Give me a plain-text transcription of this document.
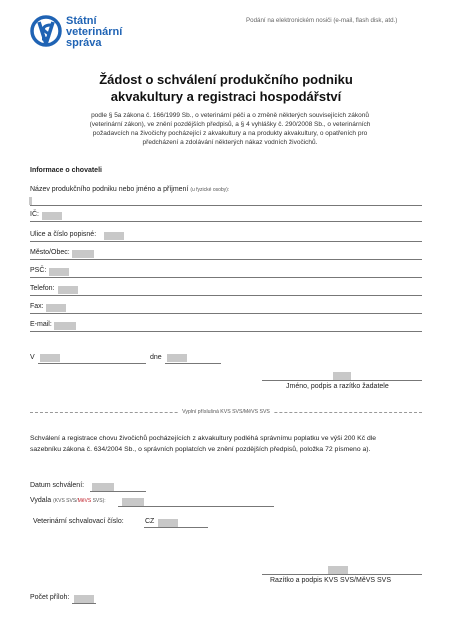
Státní
veterinární
správa
Podání na elektronickém nosiči (e-mail, flash disk, atd.)
Žádost o schválení produkčního podniku
akvakultury a registraci hospodářství
podle § 5a zákona č. 166/1999 Sb., o veterinární péči a o změně některých souvisejících zákonů
(veterinární zákon), ve znění pozdějších předpisů, a § 4 vyhlášky č. 290/2008 Sb., o veterinárních
požadavcích na živočichy pocházející z akvakultury a na produkty akvakultury, o opatřeních pro
předcházení a zdolávání některých nákaz vodních živočichů.
Informace o chovateli
Název produkčního podniku nebo jméno a příjmení (u fyzické osoby):
IČ:
Ulice a číslo popisné:
Město/Obec:
PSČ:
Telefon:
Fax:
E-mail:
V	dne
Jméno, podpis a razítko žadatele
Vyplní příslušná KVS SVS/MěVS SVS
Schválení a registrace chovu živočichů pocházejících z akvakultury podléhá správnímu poplatku ve výši 200 Kč dle
sazebníku zákona č. 634/2004 Sb., o správních poplatcích ve znění pozdějších předpisů, položka 72 písmeno a).
Datum schválení:
Vydala (KVS SVS/MěVS SVS):
Veterinární schvalovací číslo:	CZ
Razítko a podpis KVS SVS/MěVS SVS
Počet příloh:
